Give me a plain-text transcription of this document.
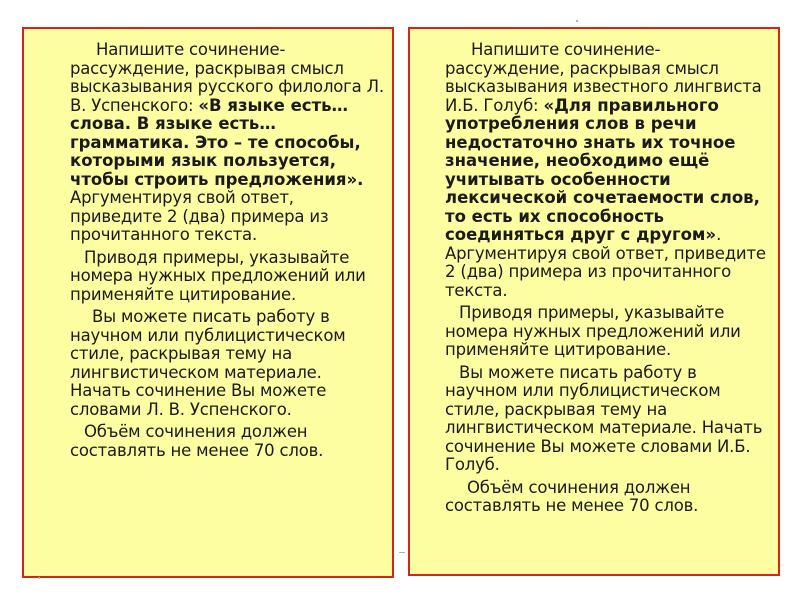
Напишите сочинение-рассуждение, раскрывая смысл высказывания русского филолога Л. В. Успенского: «В языке есть… слова. В языке есть… грамматика. Это – те способы, которыми язык пользуется, чтобы строить предложения». Аргументируя свой ответ, приведите 2 (два) примера из прочитанного текста.

Приводя примеры, указывайте номера нужных предложений или применяйте цитирование.

Вы можете писать работу в научном или публицистическом стиле, раскрывая тему на лингвистическом материале. Начать сочинение Вы можете словами Л. В. Успенского.

Объём сочинения должен составлять не менее 70 слов.

Напишите сочинение-рассуждение, раскрывая смысл высказывания известного лингвиста И.Б. Голуб: «Для правильного употребления слов в речи недостаточно знать их точное значение, необходимо ещё учитывать особенности лексической сочетаемости слов, то есть их способность соединяться друг с другом». Аргументируя свой ответ, приведите 2 (два) примера из прочитанного текста.

Приводя примеры, указывайте номера нужных предложений или применяйте цитирование.

Вы можете писать работу в научном или публицистическом стиле, раскрывая тему на лингвистическом материале. Начать сочинение Вы можете словами И.Б. Голуб.

Объём сочинения должен составлять не менее 70 слов.
